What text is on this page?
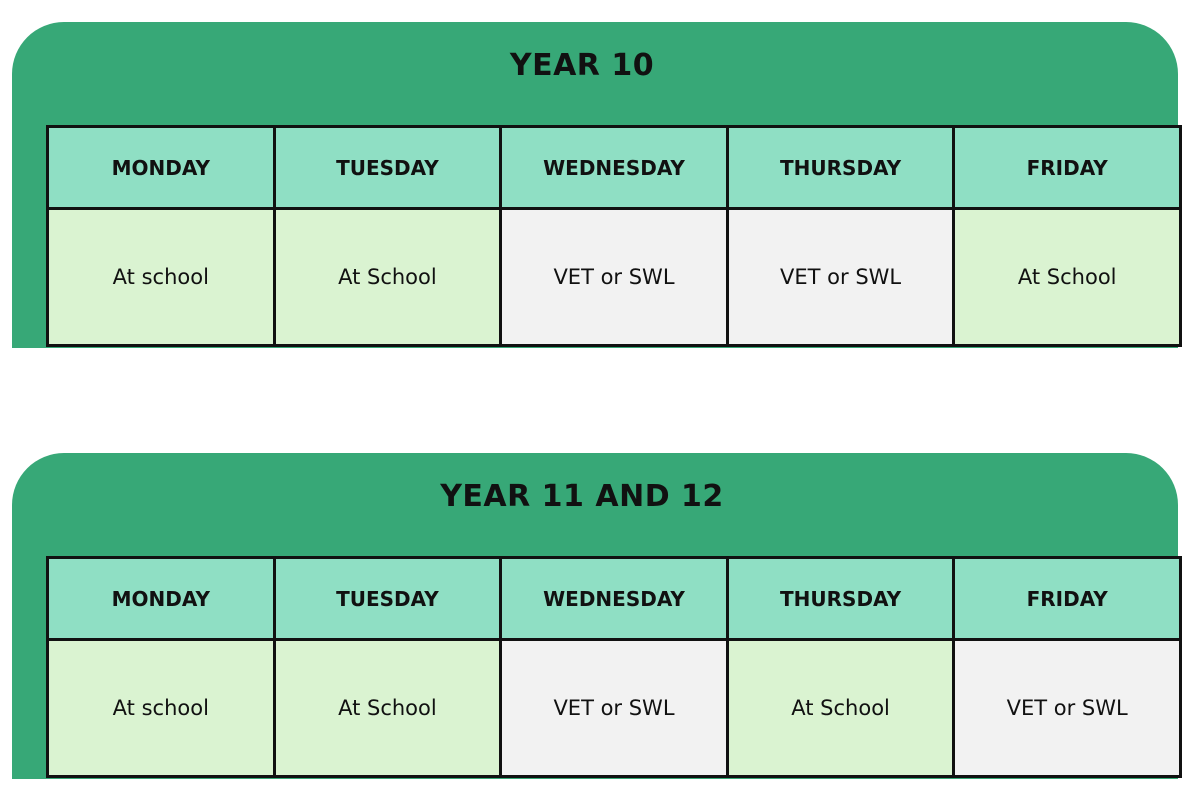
YEAR 10
MONDAY	TUESDAY	WEDNESDAY	THURSDAY	FRIDAY
At school	At School	VET or SWL	VET or SWL	At School
YEAR 11 AND 12
MONDAY	TUESDAY	WEDNESDAY	THURSDAY	FRIDAY
At school	At School	VET or SWL	At School	VET or SWL
